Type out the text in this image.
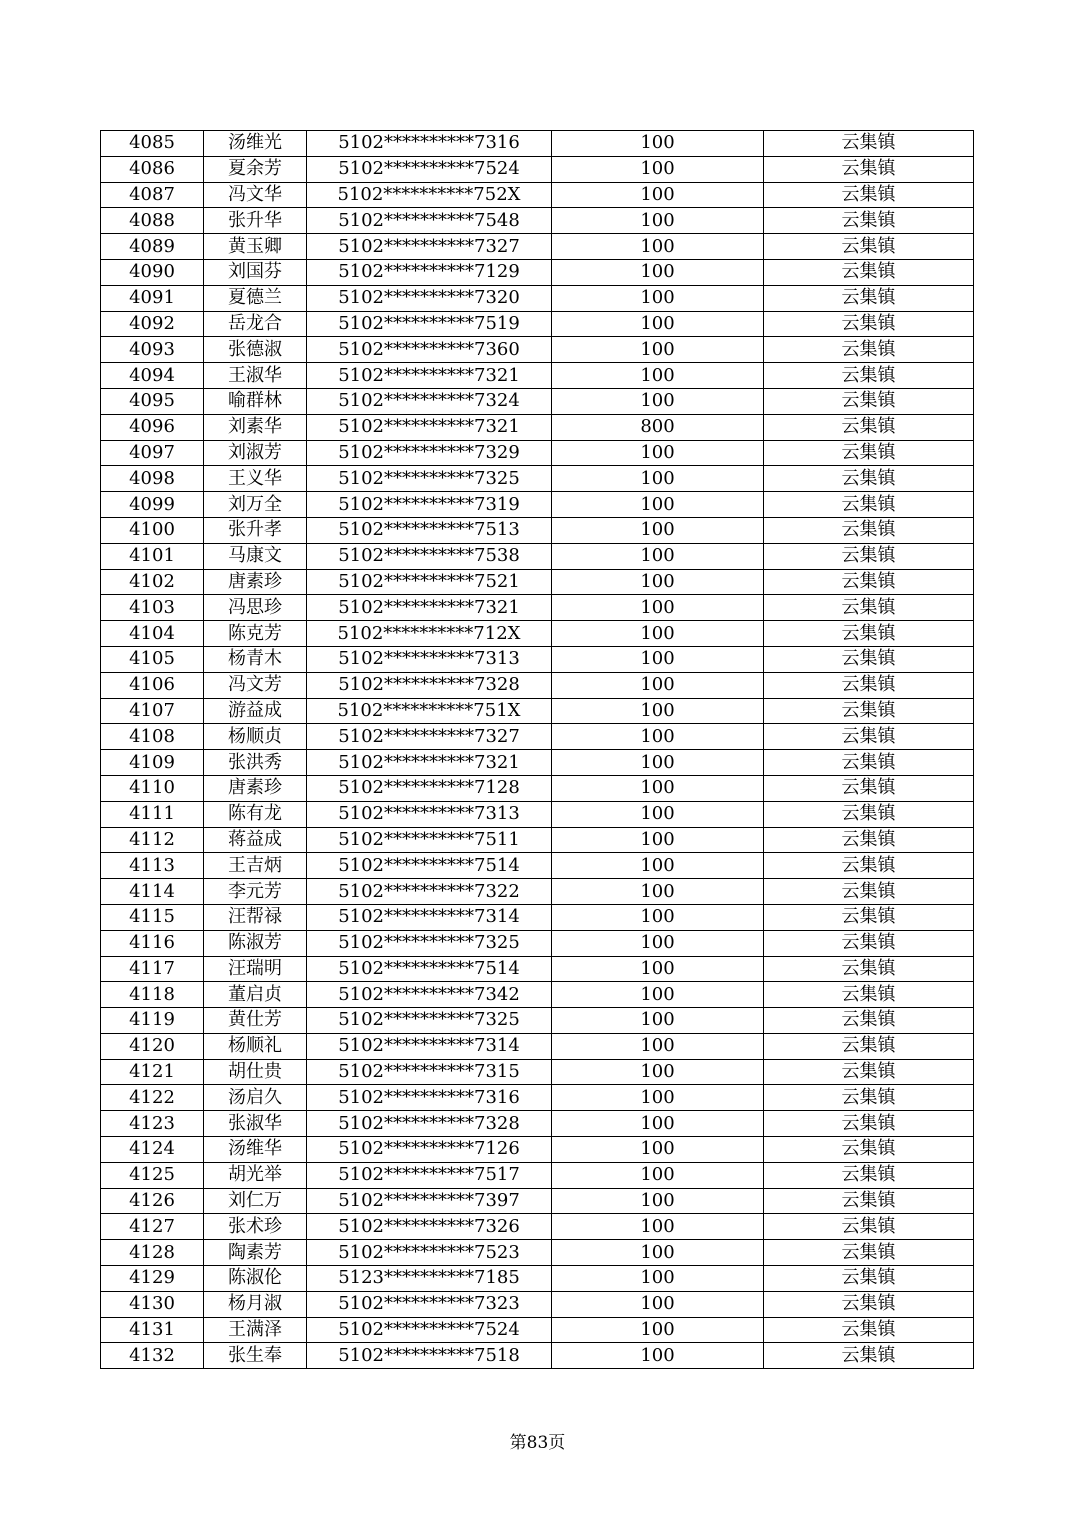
4085	汤维光	5102**********7316	100	云集镇
4086	夏余芳	5102**********7524	100	云集镇
4087	冯文华	5102**********752X	100	云集镇
4088	张升华	5102**********7548	100	云集镇
4089	黄玉卿	5102**********7327	100	云集镇
4090	刘国芬	5102**********7129	100	云集镇
4091	夏德兰	5102**********7320	100	云集镇
4092	岳龙合	5102**********7519	100	云集镇
4093	张德淑	5102**********7360	100	云集镇
4094	王淑华	5102**********7321	100	云集镇
4095	喻群林	5102**********7324	100	云集镇
4096	刘素华	5102**********7321	800	云集镇
4097	刘淑芳	5102**********7329	100	云集镇
4098	王义华	5102**********7325	100	云集镇
4099	刘万全	5102**********7319	100	云集镇
4100	张升孝	5102**********7513	100	云集镇
4101	马康文	5102**********7538	100	云集镇
4102	唐素珍	5102**********7521	100	云集镇
4103	冯思珍	5102**********7321	100	云集镇
4104	陈克芳	5102**********712X	100	云集镇
4105	杨青木	5102**********7313	100	云集镇
4106	冯文芳	5102**********7328	100	云集镇
4107	游益成	5102**********751X	100	云集镇
4108	杨顺贞	5102**********7327	100	云集镇
4109	张洪秀	5102**********7321	100	云集镇
4110	唐素珍	5102**********7128	100	云集镇
4111	陈有龙	5102**********7313	100	云集镇
4112	蒋益成	5102**********7511	100	云集镇
4113	王吉炳	5102**********7514	100	云集镇
4114	李元芳	5102**********7322	100	云集镇
4115	汪帮禄	5102**********7314	100	云集镇
4116	陈淑芳	5102**********7325	100	云集镇
4117	汪瑞明	5102**********7514	100	云集镇
4118	董启贞	5102**********7342	100	云集镇
4119	黄仕芳	5102**********7325	100	云集镇
4120	杨顺礼	5102**********7314	100	云集镇
4121	胡仕贵	5102**********7315	100	云集镇
4122	汤启久	5102**********7316	100	云集镇
4123	张淑华	5102**********7328	100	云集镇
4124	汤维华	5102**********7126	100	云集镇
4125	胡光举	5102**********7517	100	云集镇
4126	刘仁万	5102**********7397	100	云集镇
4127	张术珍	5102**********7326	100	云集镇
4128	陶素芳	5102**********7523	100	云集镇
4129	陈淑伦	5123**********7185	100	云集镇
4130	杨月淑	5102**********7323	100	云集镇
4131	王满泽	5102**********7524	100	云集镇
4132	张生奉	5102**********7518	100	云集镇
第83页
